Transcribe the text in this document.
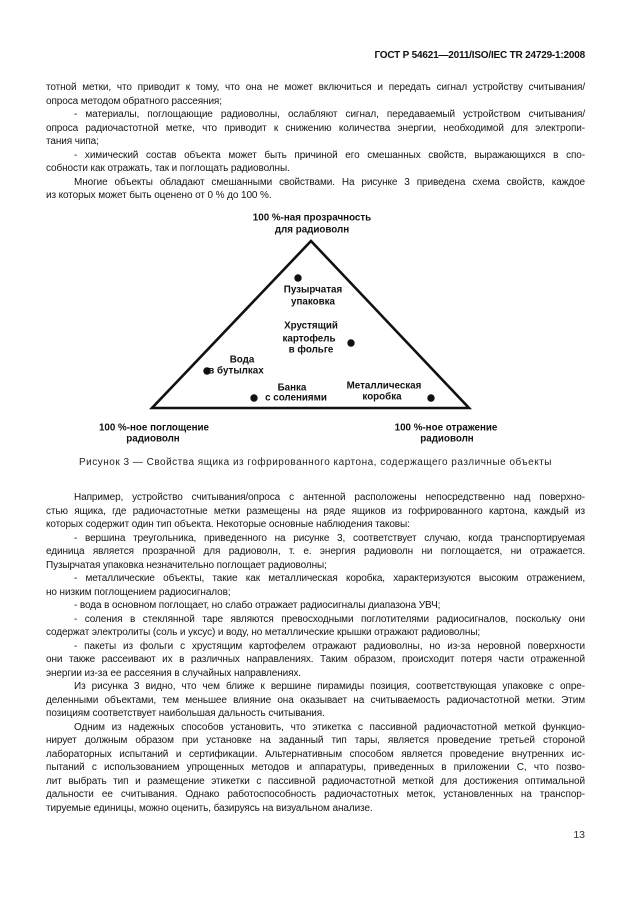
ГОСТ Р 54621—2011/ISO/IEC TR 24729-1:2008
тотной метки, что приводит к тому, что она не может включиться и передать сигнал устройству считывания/
опроса методом обратного рассеяния;
- материалы, поглощающие радиоволны, ослабляют сигнал, передаваемый устройством считывания/
опроса радиочастотной метке, что приводит к снижению количества энергии, необходимой для электропи-
тания чипа;
- химический состав объекта может быть причиной его смешанных свойств, выражающихся в спо-
собности как отражать, так и поглощать радиоволны.
Многие объекты обладают смешанными свойствами. На рисунке 3 приведена схема свойств, каждое
из которых может быть оценено от 0 % до 100 %.
100 %-ная прозрачность
для радиоволн
100 %-ное поглощение
радиоволн
100 %-ное отражение
радиоволн
Пузырчатая
упаковка
Хрустящий
картофель
в фольге
Вода
в бутылках
Банка
с солениями
Металлическая
коробка
Рисунок 3 — Свойства ящика из гофрированного картона, содержащего различные объекты
Например, устройство считывания/опроса с антенной расположены непосредственно над поверхно-
стью ящика, где радиочастотные метки размещены на ряде ящиков из гофрированного картона, каждый из
которых содержит один тип объекта. Некоторые основные наблюдения таковы:
- вершина треугольника, приведенного на рисунке 3, соответствует случаю, когда транспортируемая
единица является прозрачной для радиоволн, т. е. энергия радиоволн ни поглощается, ни отражается.
Пузырчатая упаковка незначительно поглощает радиоволны;
- металлические объекты, такие как металлическая коробка, характеризуются высоким отражением,
но низким поглощением радиосигналов;
- вода в основном поглощает, но слабо отражает радиосигналы диапазона УВЧ;
- соления в стеклянной таре являются превосходными поглотителями радиосигналов, поскольку они
содержат электролиты (соль и уксус) и воду, но металлические крышки отражают радиоволны;
- пакеты из фольги с хрустящим картофелем отражают радиоволны, но из-за неровной поверхности
они также рассеивают их в различных направлениях. Таким образом, происходит потеря части отраженной
энергии из-за ее рассеяния в случайных направлениях.
Из рисунка 3 видно, что чем ближе к вершине пирамиды позиция, соответствующая упаковке с опре-
деленными объектами, тем меньшее влияние она оказывает на считываемость радиочастотной метки. Этим
позициям соответствует наибольшая дальность считывания.
Одним из надежных способов установить, что этикетка с пассивной радиочастотной меткой функцио-
нирует должным образом при установке на заданный тип тары, является проведение третьей стороной
лабораторных испытаний и сертификации. Альтернативным способом является проведение внутренних ис-
пытаний с использованием упрощенных методов и аппаратуры, приведенных в приложении С, что позво-
лит выбрать тип и размещение этикетки с пассивной радиочастотной меткой для достижения оптимальной
дальности ее считывания. Однако работоспособность радиочастотных меток, установленных на транспор-
тируемые единицы, можно оценить, базируясь на визуальном анализе.
13
